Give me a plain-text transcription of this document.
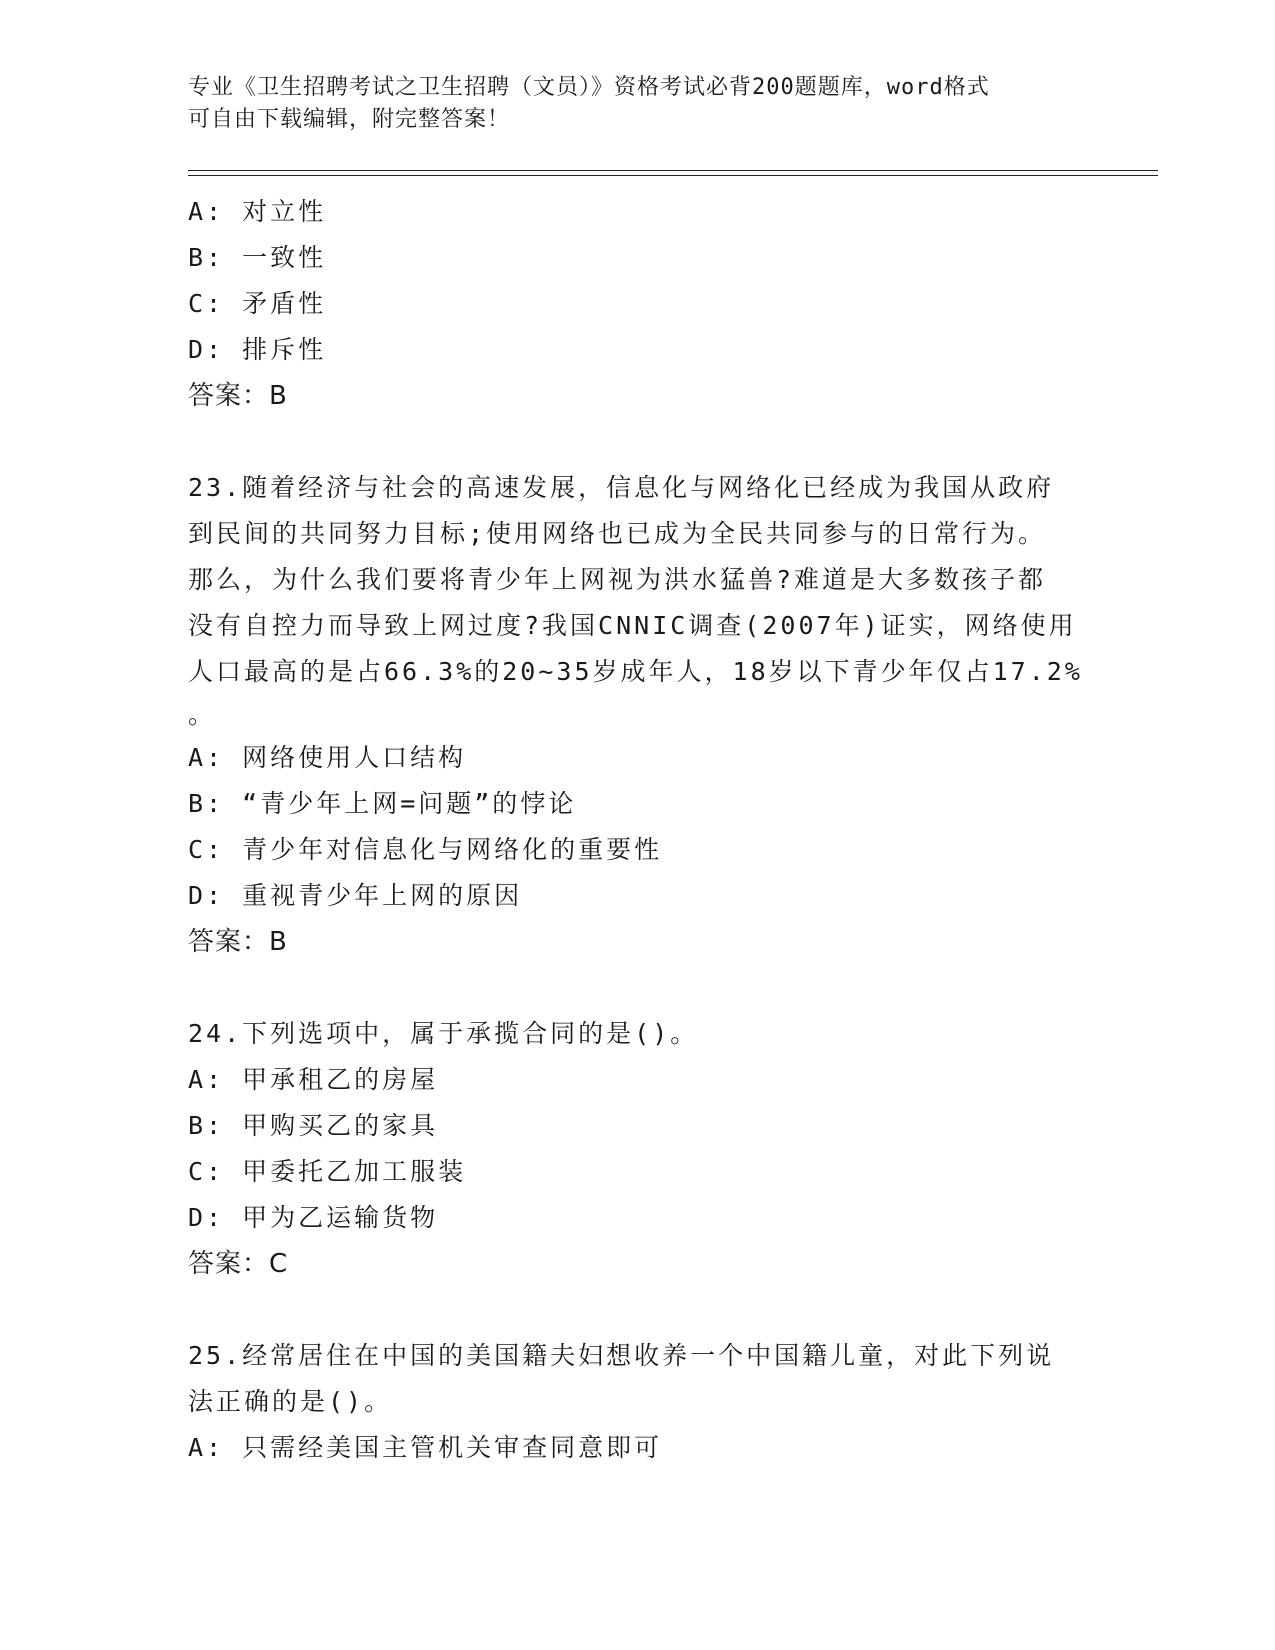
专业《卫生招聘考试之卫生招聘（文员）》资格考试必背200题题库，word格式
可自由下载编辑，附完整答案！
A: 对立性
B: 一致性
C: 矛盾性
D: 排斥性
答案：B
23.随着经济与社会的高速发展，信息化与网络化已经成为我国从政府
到民间的共同努力目标;使用网络也已成为全民共同参与的日常行为。
那么，为什么我们要将青少年上网视为洪水猛兽?难道是大多数孩子都
没有自控力而导致上网过度?我国CNNIC调查(2007年)证实，网络使用
人口最高的是占66.3%的20~35岁成年人，18岁以下青少年仅占17.2%
。
A: 网络使用人口结构
B: “青少年上网=问题”的悖论
C: 青少年对信息化与网络化的重要性
D: 重视青少年上网的原因
答案：B
24.下列选项中，属于承揽合同的是()。
A: 甲承租乙的房屋
B: 甲购买乙的家具
C: 甲委托乙加工服装
D: 甲为乙运输货物
答案：C
25.经常居住在中国的美国籍夫妇想收养一个中国籍儿童，对此下列说
法正确的是()。
A: 只需经美国主管机关审查同意即可
